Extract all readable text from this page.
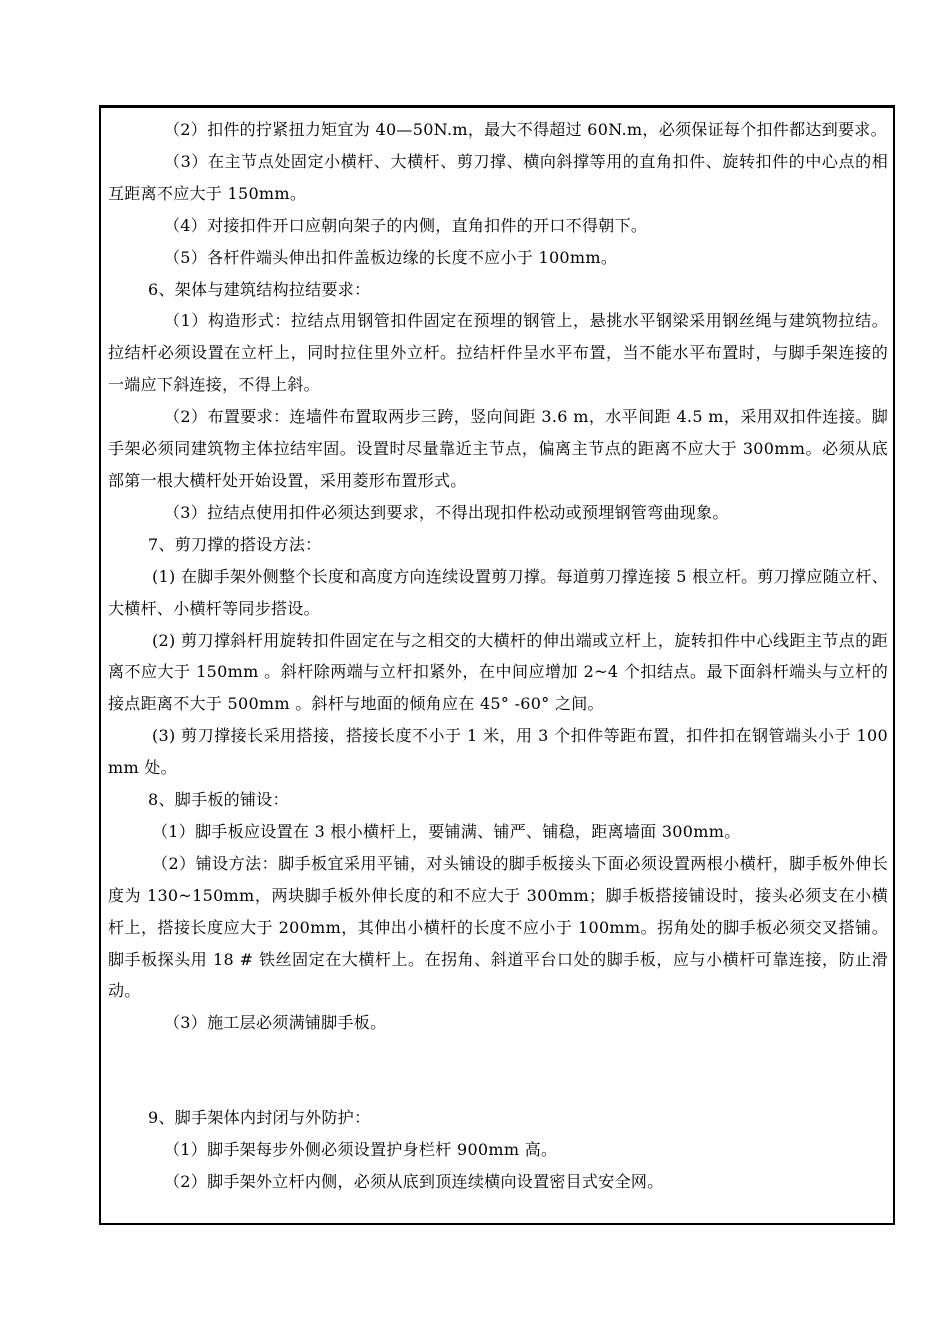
（2）扣件的拧紧扭力矩宜为 40—50N.m，最大不得超过 60N.m，必须保证每个扣件都达到要求。

（3）在主节点处固定小横杆、大横杆、剪刀撑、横向斜撑等用的直角扣件、旋转扣件的中心点的相互距离不应大于 150mm。

（4）对接扣件开口应朝向架子的内侧，直角扣件的开口不得朝下。

（5）各杆件端头伸出扣件盖板边缘的长度不应小于 100mm。

6、架体与建筑结构拉结要求：

（1）构造形式：拉结点用钢管扣件固定在预埋的钢管上，悬挑水平钢梁采用钢丝绳与建筑物拉结。拉结杆必须设置在立杆上，同时拉住里外立杆。拉结杆件呈水平布置，当不能水平布置时，与脚手架连接的一端应下斜连接，不得上斜。

（2）布置要求：连墙件布置取两步三跨，竖向间距 3.6 m，水平间距 4.5 m，采用双扣件连接。脚手架必须同建筑物主体拉结牢固。设置时尽量靠近主节点，偏离主节点的距离不应大于 300mm。必须从底部第一根大横杆处开始设置，采用菱形布置形式。

（3）拉结点使用扣件必须达到要求，不得出现扣件松动或预埋钢管弯曲现象。

7、剪刀撑的搭设方法：

(1) 在脚手架外侧整个长度和高度方向连续设置剪刀撑。每道剪刀撑连接 5 根立杆。剪刀撑应随立杆、大横杆、小横杆等同步搭设。

(2) 剪刀撑斜杆用旋转扣件固定在与之相交的大横杆的伸出端或立杆上，旋转扣件中心线距主节点的距离不应大于 150mm 。斜杆除两端与立杆扣紧外，在中间应增加 2~4 个扣结点。最下面斜杆端头与立杆的接点距离不大于 500mm 。斜杆与地面的倾角应在 45° -60° 之间。

(3) 剪刀撑接长采用搭接，搭接长度不小于 1 米，用 3 个扣件等距布置，扣件扣在钢管端头小于 100mm 处。

8、脚手板的铺设：

（1）脚手板应设置在 3 根小横杆上，要铺满、铺严、铺稳，距离墙面 300mm。

（2）铺设方法：脚手板宜采用平铺，对头铺设的脚手板接头下面必须设置两根小横杆，脚手板外伸长度为 130~150mm，两块脚手板外伸长度的和不应大于 300mm；脚手板搭接铺设时，接头必须支在小横杆上，搭接长度应大于 200mm，其伸出小横杆的长度不应小于 100mm。拐角处的脚手板必须交叉搭铺。脚手板探头用 18 # 铁丝固定在大横杆上。在拐角、斜道平台口处的脚手板，应与小横杆可靠连接，防止滑动。

（3）施工层必须满铺脚手板。

9、脚手架体内封闭与外防护：

（1）脚手架每步外侧必须设置护身栏杆 900mm 高。

（2）脚手架外立杆内侧，必须从底到顶连续横向设置密目式安全网。
